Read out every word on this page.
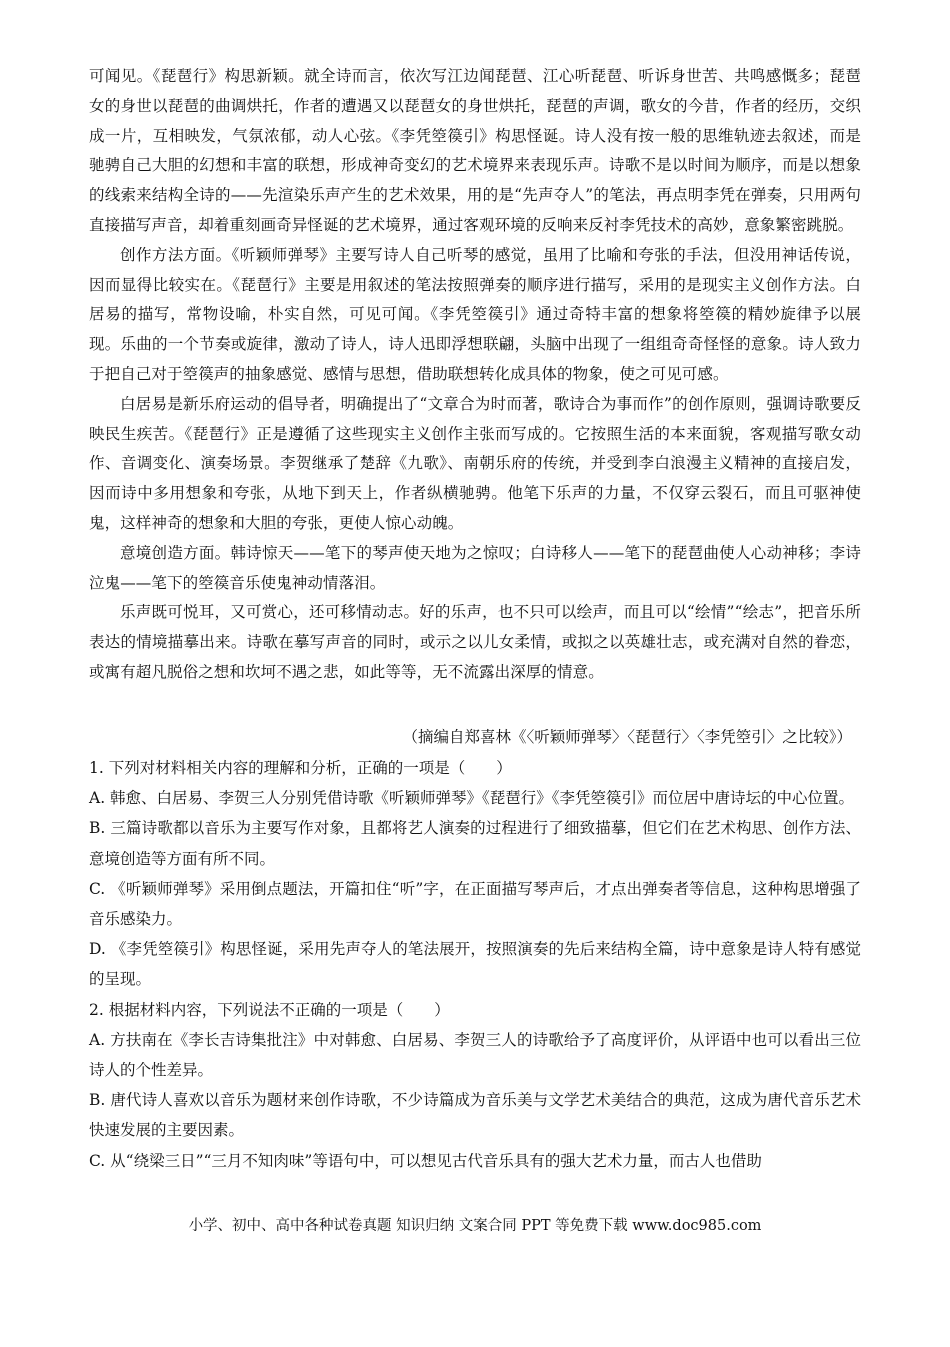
可闻见。《琵琶行》构思新颖。就全诗而言，依次写江边闻琵琶、江心听琵琶、听诉身世苦、共鸣感慨多；琵琶女的身世以琵琶的曲调烘托，作者的遭遇又以琵琶女的身世烘托，琵琶的声调，歌女的今昔，作者的经历，交织成一片，互相映发，气氛浓郁，动人心弦。《李凭箜篌引》构思怪诞。诗人没有按一般的思维轨迹去叙述，而是驰骋自己大胆的幻想和丰富的联想，形成神奇变幻的艺术境界来表现乐声。诗歌不是以时间为顺序，而是以想象的线索来结构全诗的——先渲染乐声产生的艺术效果，用的是“先声夺人”的笔法，再点明李凭在弹奏，只用两句直接描写声音，却着重刻画奇异怪诞的艺术境界，通过客观环境的反响来反衬李凭技术的高妙，意象繁密跳脱。

创作方法方面。《听颖师弹琴》主要写诗人自己听琴的感觉，虽用了比喻和夸张的手法，但没用神话传说，因而显得比较实在。《琵琶行》主要是用叙述的笔法按照弹奏的顺序进行描写，采用的是现实主义创作方法。白居易的描写，常物设喻，朴实自然，可见可闻。《李凭箜篌引》通过奇特丰富的想象将箜篌的精妙旋律予以展现。乐曲的一个节奏或旋律，激动了诗人，诗人迅即浮想联翩，头脑中出现了一组组奇奇怪怪的意象。诗人致力于把自己对于箜篌声的抽象感觉、感情与思想，借助联想转化成具体的物象，使之可见可感。

白居易是新乐府运动的倡导者，明确提出了“文章合为时而著，歌诗合为事而作”的创作原则，强调诗歌要反映民生疾苦。《琵琶行》正是遵循了这些现实主义创作主张而写成的。它按照生活的本来面貌，客观描写歌女动作、音调变化、演奏场景。李贺继承了楚辞《九歌》、南朝乐府的传统，并受到李白浪漫主义精神的直接启发，因而诗中多用想象和夸张，从地下到天上，作者纵横驰骋。他笔下乐声的力量，不仅穿云裂石，而且可驱神使鬼，这样神奇的想象和大胆的夸张，更使人惊心动魄。

意境创造方面。韩诗惊天——笔下的琴声使天地为之惊叹；白诗移人——笔下的琵琶曲使人心动神移；李诗泣鬼——笔下的箜篌音乐使鬼神动情落泪。

乐声既可悦耳，又可赏心，还可移情动志。好的乐声，也不只可以绘声，而且可以“绘情”“绘志”，把音乐所表达的情境描摹出来。诗歌在摹写声音的同时，或示之以儿女柔情，或拟之以英雄壮志，或充满对自然的眷恋，或寓有超凡脱俗之想和坎坷不遇之悲，如此等等，无不流露出深厚的情意。

（摘编自郑喜林《〈听颖师弹琴〉〈琵琶行〉〈李凭箜引〉之比较》）

1. 下列对材料相关内容的理解和分析，正确的一项是（　　）

A. 韩愈、白居易、李贺三人分别凭借诗歌《听颖师弹琴》《琵琶行》《李凭箜篌引》而位居中唐诗坛的中心位置。

B. 三篇诗歌都以音乐为主要写作对象，且都将艺人演奏的过程进行了细致描摹，但它们在艺术构思、创作方法、意境创造等方面有所不同。

C. 《听颖师弹琴》采用倒点题法，开篇扣住“听”字，在正面描写琴声后，才点出弹奏者等信息，这种构思增强了音乐感染力。

D. 《李凭箜篌引》构思怪诞，采用先声夺人的笔法展开，按照演奏的先后来结构全篇，诗中意象是诗人特有感觉的呈现。

2. 根据材料内容，下列说法不正确的一项是（　　）

A. 方扶南在《李长吉诗集批注》中对韩愈、白居易、李贺三人的诗歌给予了高度评价，从评语中也可以看出三位诗人的个性差异。

B. 唐代诗人喜欢以音乐为题材来创作诗歌，不少诗篇成为音乐美与文学艺术美结合的典范，这成为唐代音乐艺术快速发展的主要因素。

C. 从“绕梁三日”“三月不知肉味”等语句中，可以想见古代音乐具有的强大艺术力量，而古人也借助

小学、初中、高中各种试卷真题 知识归纳 文案合同 PPT 等免费下载 www.doc985.com
